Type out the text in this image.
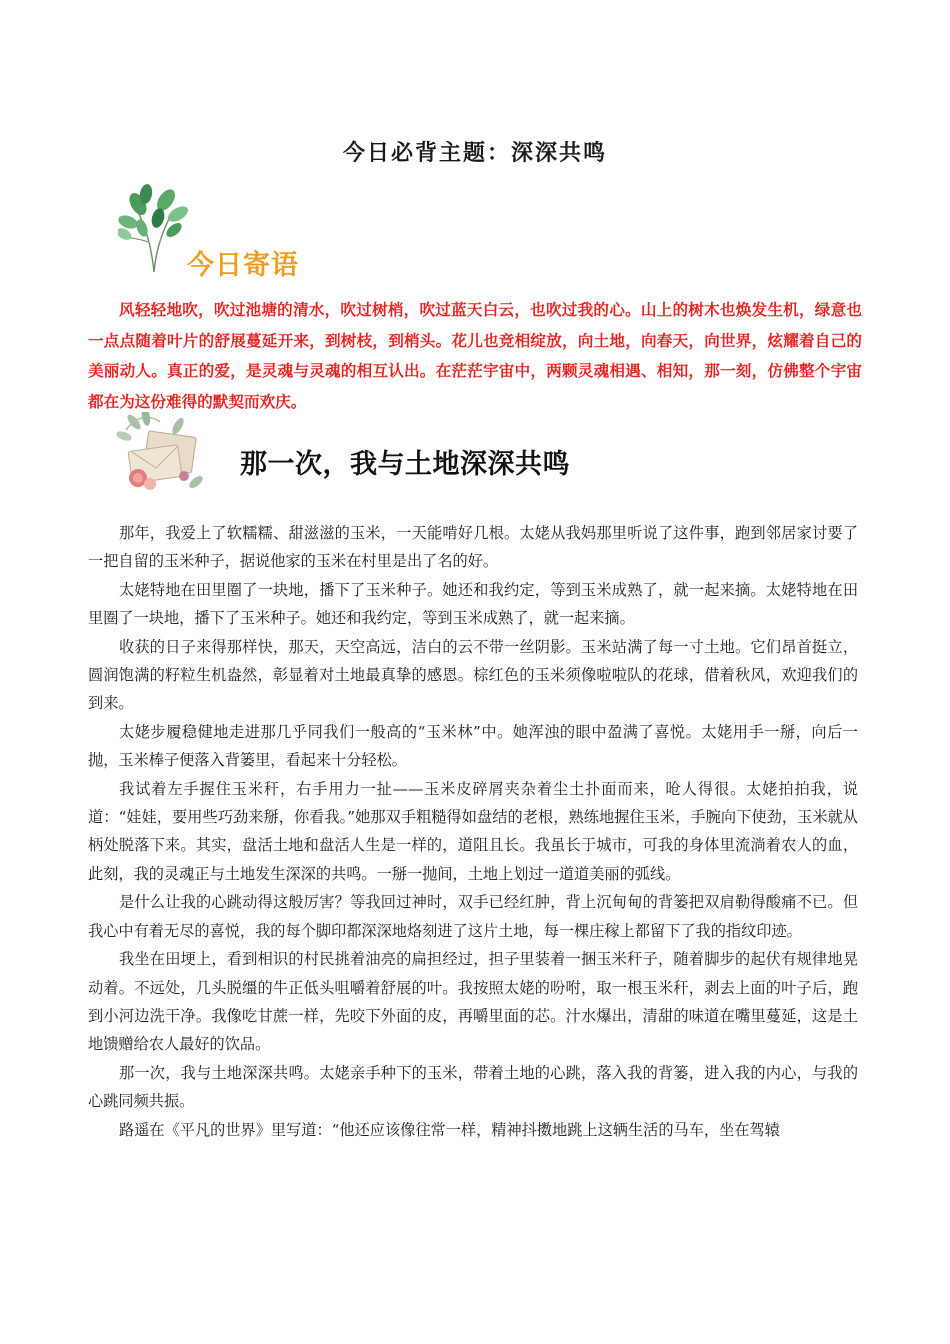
今日必背主题：深深共鸣
今日寄语

风轻轻地吹，吹过池塘的清水，吹过树梢，吹过蓝天白云，也吹过我的心。山上的树木也焕发生机，绿意也一点点随着叶片的舒展蔓延开来，到树枝，到梢头。花儿也竞相绽放，向土地，向春天，向世界，炫耀着自己的美丽动人。真正的爱，是灵魂与灵魂的相互认出。在茫茫宇宙中，两颗灵魂相遇、相知，那一刻，仿佛整个宇宙都在为这份难得的默契而欢庆。

那一次，我与土地深深共鸣

那年，我爱上了软糯糯、甜滋滋的玉米，一天能啃好几根。太姥从我妈那里听说了这件事，跑到邻居家讨要了一把自留的玉米种子，据说他家的玉米在村里是出了名的好。

太姥特地在田里圈了一块地，播下了玉米种子。她还和我约定，等到玉米成熟了，就一起来摘。太姥特地在田里圈了一块地，播下了玉米种子。她还和我约定，等到玉米成熟了，就一起来摘。

收获的日子来得那样快，那天，天空高远，洁白的云不带一丝阴影。玉米站满了每一寸土地。它们昂首挺立，圆润饱满的籽粒生机盎然，彰显着对土地最真挚的感恩。棕红色的玉米须像啦啦队的花球，借着秋风，欢迎我们的到来。

太姥步履稳健地走进那几乎同我们一般高的“玉米林”中。她浑浊的眼中盈满了喜悦。太姥用手一掰，向后一抛，玉米棒子便落入背篓里，看起来十分轻松。

我试着左手握住玉米秆，右手用力一扯——玉米皮碎屑夹杂着尘土扑面而来，呛人得很。太姥拍拍我，说道：“娃娃，要用些巧劲来掰，你看我。”她那双手粗糙得如盘结的老根，熟练地握住玉米，手腕向下使劲，玉米就从柄处脱落下来。其实，盘活土地和盘活人生是一样的，道阻且长。我虽长于城市，可我的身体里流淌着农人的血，此刻，我的灵魂正与土地发生深深的共鸣。一掰一抛间，土地上划过一道道美丽的弧线。

是什么让我的心跳动得这般厉害？等我回过神时，双手已经红肿，背上沉甸甸的背篓把双肩勒得酸痛不已。但我心中有着无尽的喜悦，我的每个脚印都深深地烙刻进了这片土地，每一棵庄稼上都留下了我的指纹印迹。

我坐在田埂上，看到相识的村民挑着油亮的扁担经过，担子里装着一捆玉米秆子，随着脚步的起伏有规律地晃动着。不远处，几头脱缰的牛正低头咀嚼着舒展的叶。我按照太姥的吩咐，取一根玉米秆，剥去上面的叶子后，跑到小河边洗干净。我像吃甘蔗一样，先咬下外面的皮，再嚼里面的芯。汁水爆出，清甜的味道在嘴里蔓延，这是土地馈赠给农人最好的饮品。

那一次，我与土地深深共鸣。太姥亲手种下的玉米，带着土地的心跳，落入我的背篓，进入我的内心，与我的心跳同频共振。

路遥在《平凡的世界》里写道：“他还应该像往常一样，精神抖擞地跳上这辆生活的马车，坐在驾辕
